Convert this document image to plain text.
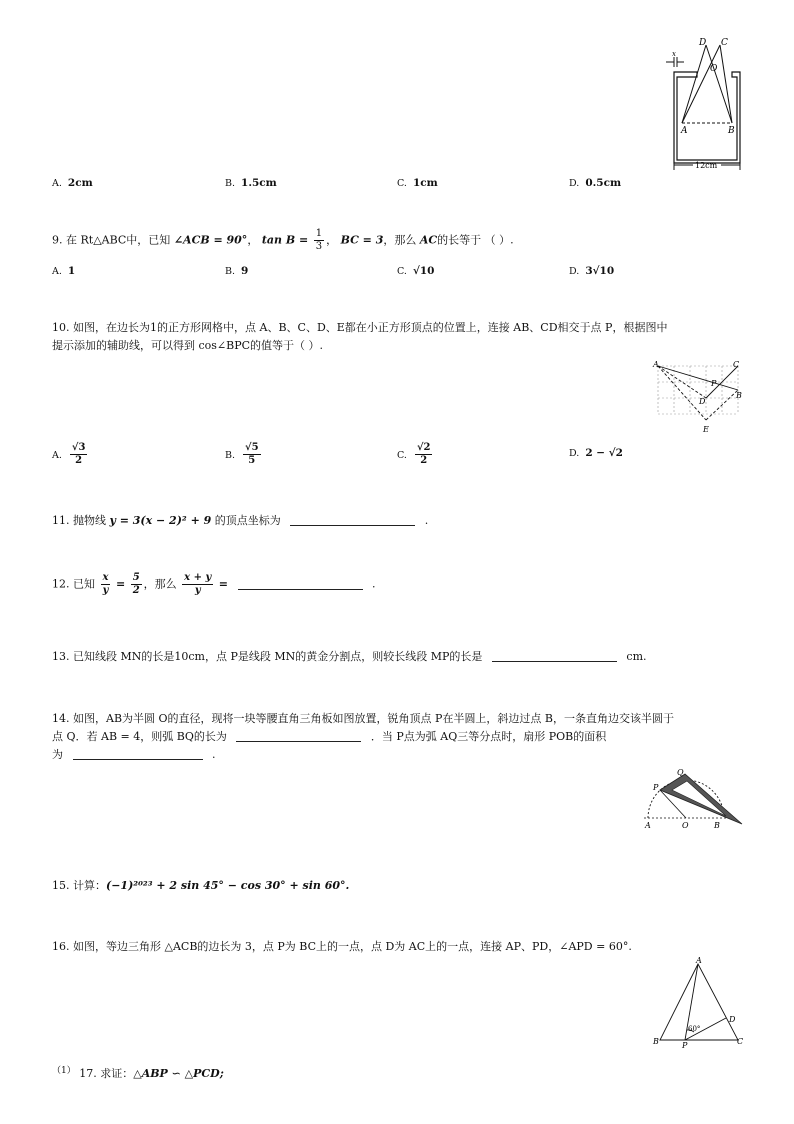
D C
O
x
A	B
12cm
A. 2cm	B. 1.5cm	C. 1cm	D. 0.5cm
9. 在 Rt△ABC中，已知 ∠ACB = 90°， $\tan B = \frac{1}{3}$ ， BC = 3，那么 AC的长等于 （ ）.
A. 1	B. 9	C. √10	D. 3√10
10. 如图，在边长为1的正方形网格中，点 A、B、C、D、E都在小正方形顶点的位置上，连接 AB、CD相交于点 P，根据图中
提示添加的辅助线，可以得到 cos∠BPC的值等于（ ）.
A	C
P
D
B
E
A. $\frac{√3}{2}$	B. $\frac{√5}{5}$	C. $\frac{√2}{2}$	D. 2 − √2
11. 抛物线 y = 3(x − 2)² + 9 的顶点坐标为	.
12. 已知 $\frac{x}{y} = \frac{5}{2}$ ，那么 $\frac{x + y}{y}$ =	.
13. 已知线段 MN的长是10cm，点 P是线段 MN的黄金分割点，则较长线段 MP的长是	cm.
14. 如图，AB为半圆 O的直径，现将一块等腰直角三角板如图放置，锐角顶点 P在半圆上，斜边过点 B，一条直角边交该半圆于
点 Q．若 AB = 4，则弧 BQ的长为	．当 P点为弧 AQ三等分点时，扇形 POB的面积
为	.
Q
P
A	O	B
15. 计算：(−1)²⁰²³ + 2 sin 45° − cos 30° + sin 60°.
16. 如图，等边三角形 △ACB的边长为 3，点 P为 BC上的一点，点 D为 AC上的一点，连接 AP、PD，∠APD = 60°.
A
D
60°
B	P	C
$^{(1)}$ 17. 求证：△ABP ∽ △PCD;
